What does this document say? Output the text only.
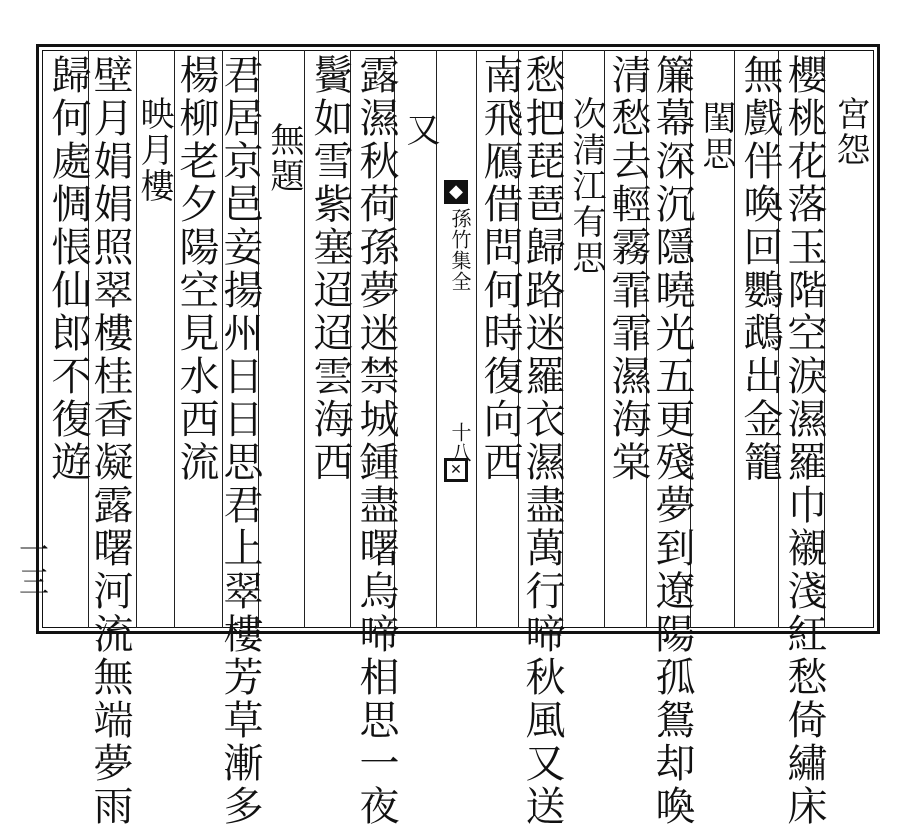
宮怨
櫻桃花落玉階空淚濕羅巾襯淺紅愁倚繡床
無戲伴喚回鸚鵡出金籠
閨思
簾幕深沉隱曉光五更殘夢到遼陽孤鴛却喚
清愁去輕霧霏霏濕海棠
次清江有思
愁把琵琶歸路迷羅衣濕盡萬行啼秋風又送
南飛鴈借問何時復向西
◆
孫竹集全
十八
✕
又
露濕秋荷孫夢迷禁城鍾盡曙烏啼相思一夜
鬢如雪紫塞迢迢雲海西
無題
君居京邑妾揚州日日思君上翠樓芳草漸多
楊柳老夕陽空見水西流
映月樓
壁月娟娟照翠樓桂香凝露曙河流無端夢雨
歸何處惆悵仙郎不復遊
一三
